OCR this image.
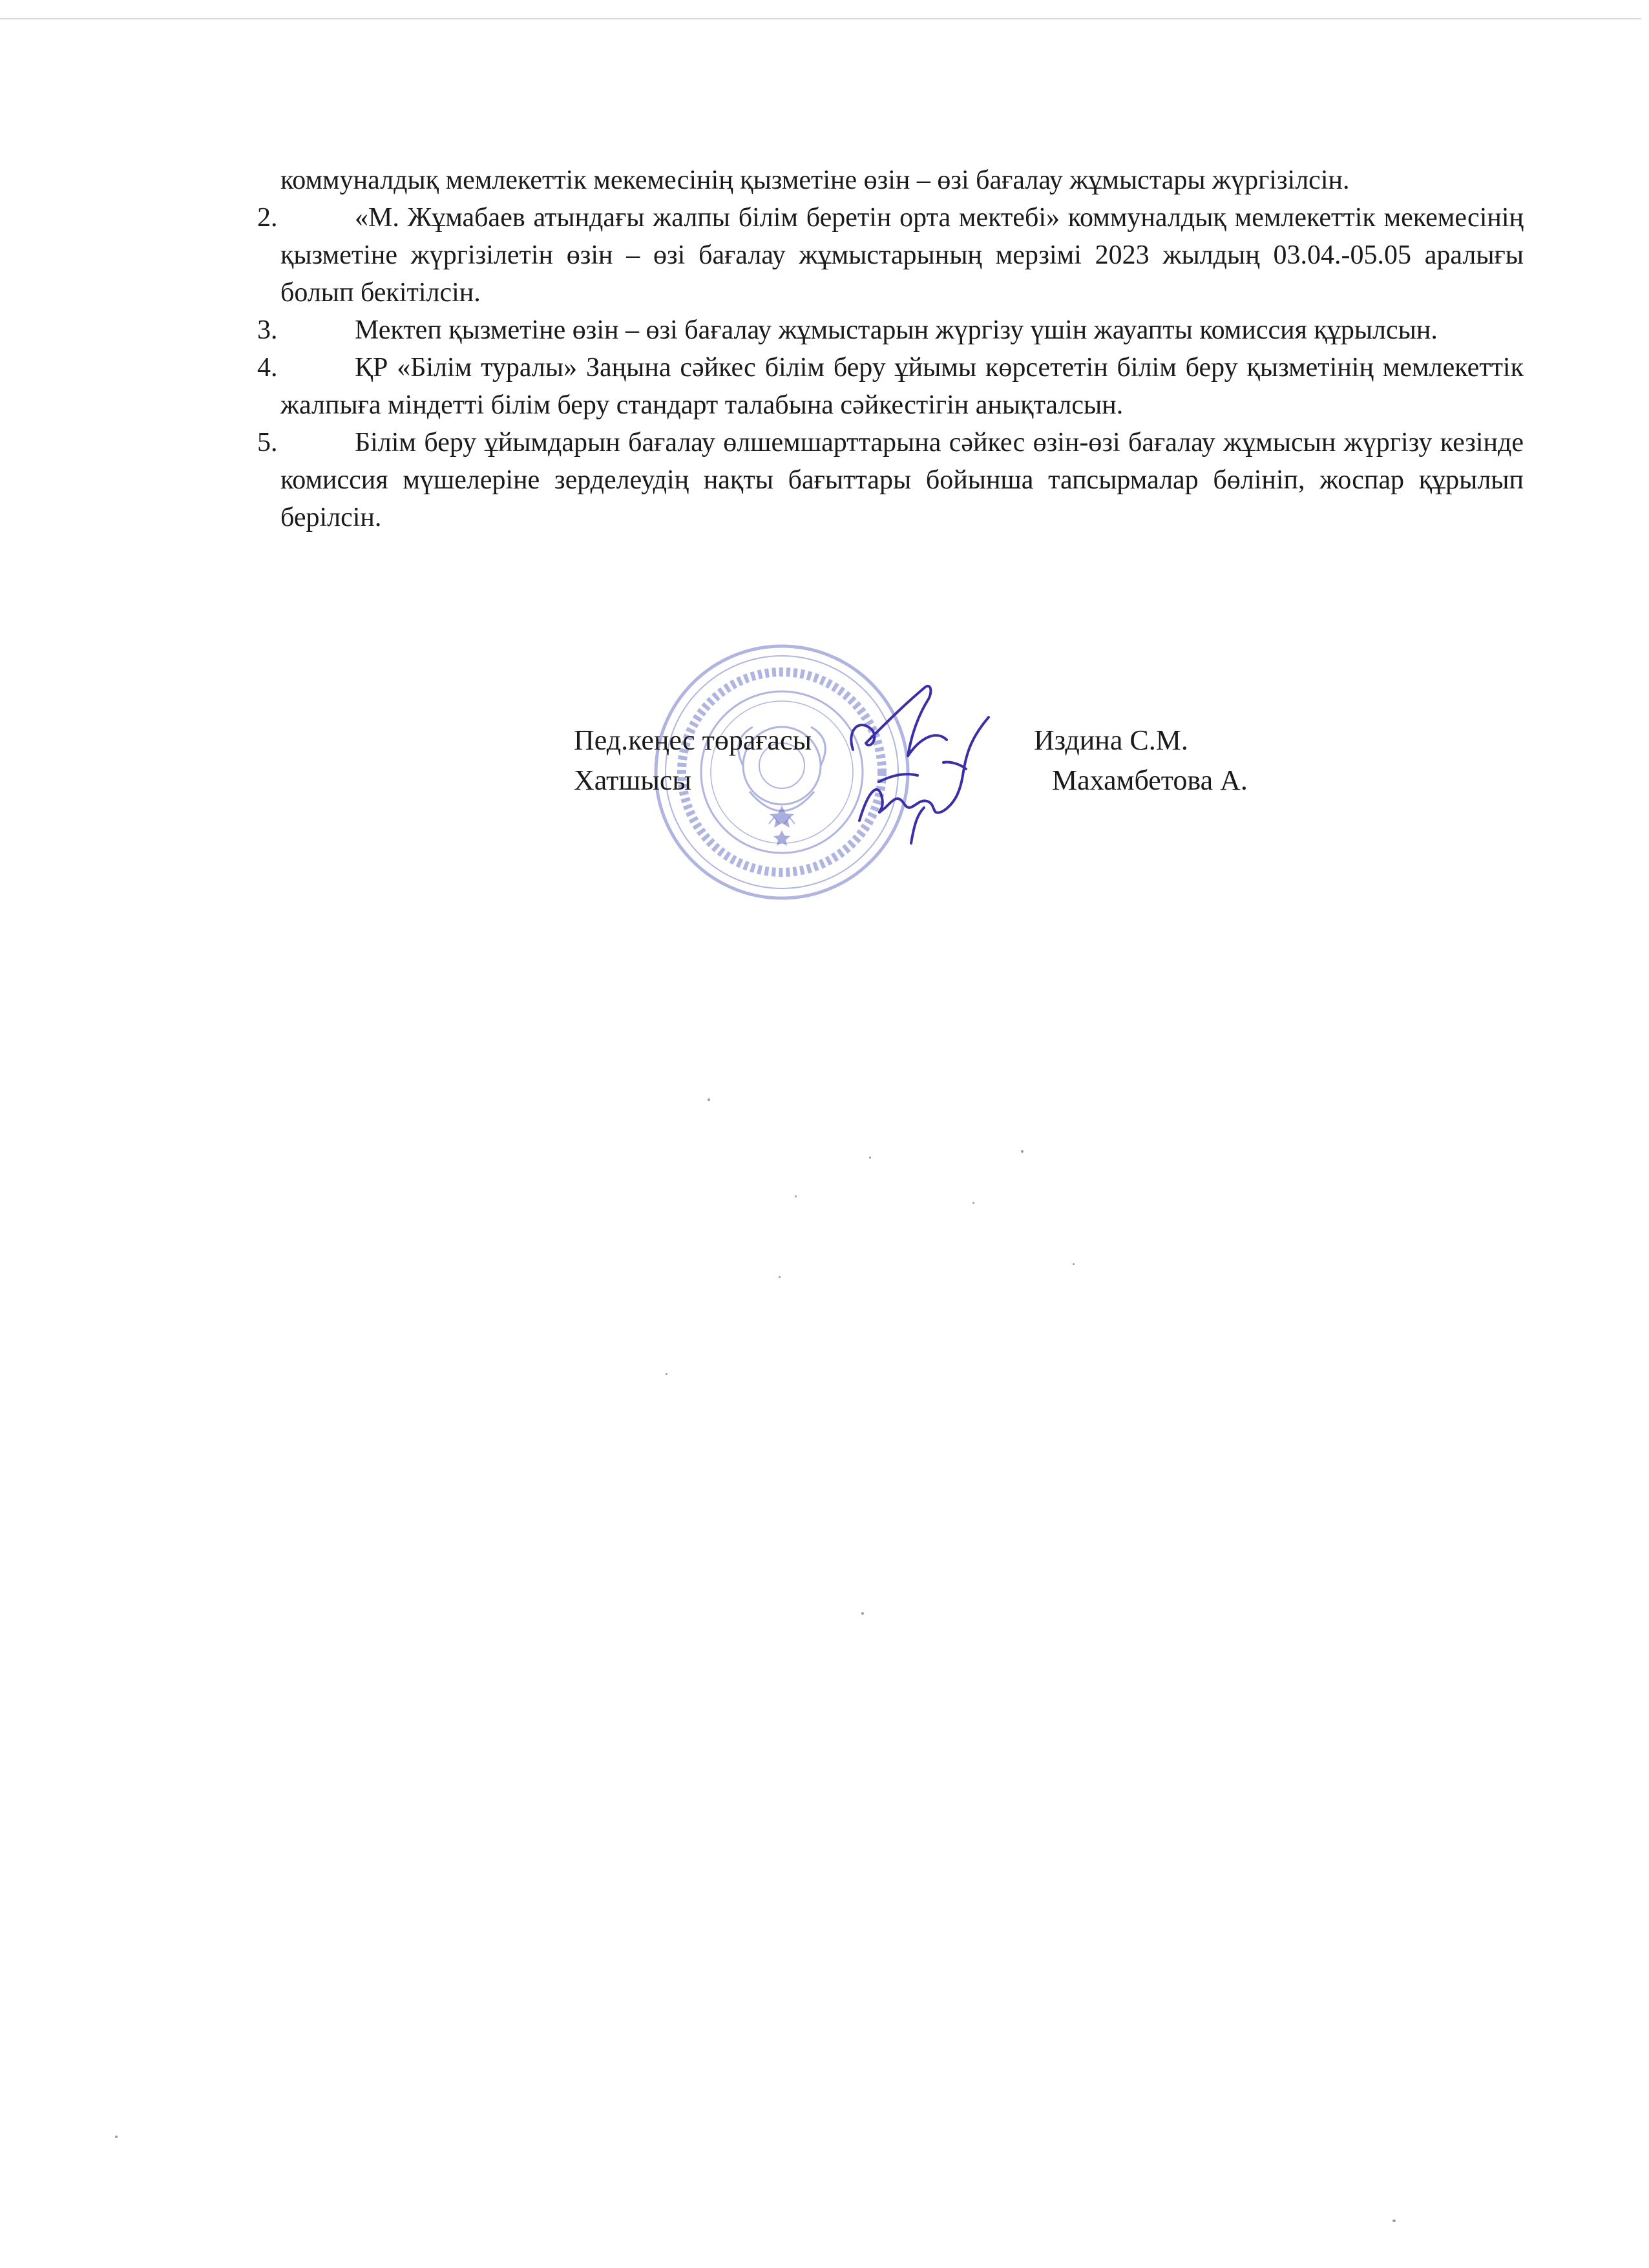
коммуналдық мемлекеттік мекемесінің қызметіне өзін – өзі бағалау жұмыстары жүргізілсін.

2.	«М. Жұмабаев атындағы жалпы білім беретін орта мектебі» коммуналдық мемлекеттік мекемесінің қызметіне жүргізілетін өзін – өзі бағалау жұмыстарының мерзімі 2023 жылдың 03.04.-05.05 аралығы болып бекітілсін.

3.	Мектеп қызметіне өзін – өзі бағалау жұмыстарын жүргізу үшін жауапты комиссия құрылсын.

4.	ҚР «Білім туралы» Заңына сәйкес білім беру ұйымы көрсететін білім беру қызметінің мемлекеттік жалпыға міндетті білім беру стандарт талабына сәйкестігін анықталсын.

5.	Білім беру ұйымдарын бағалау өлшемшарттарына сәйкес өзін-өзі бағалау жұмысын жүргізу кезінде комиссия мүшелеріне зерделеудің нақты бағыттары бойынша тапсырмалар бөлініп, жоспар құрылып берілсін.

Пед.кеңес төрағасы	Издина С.М.
Хатшысы	Махамбетова А.
